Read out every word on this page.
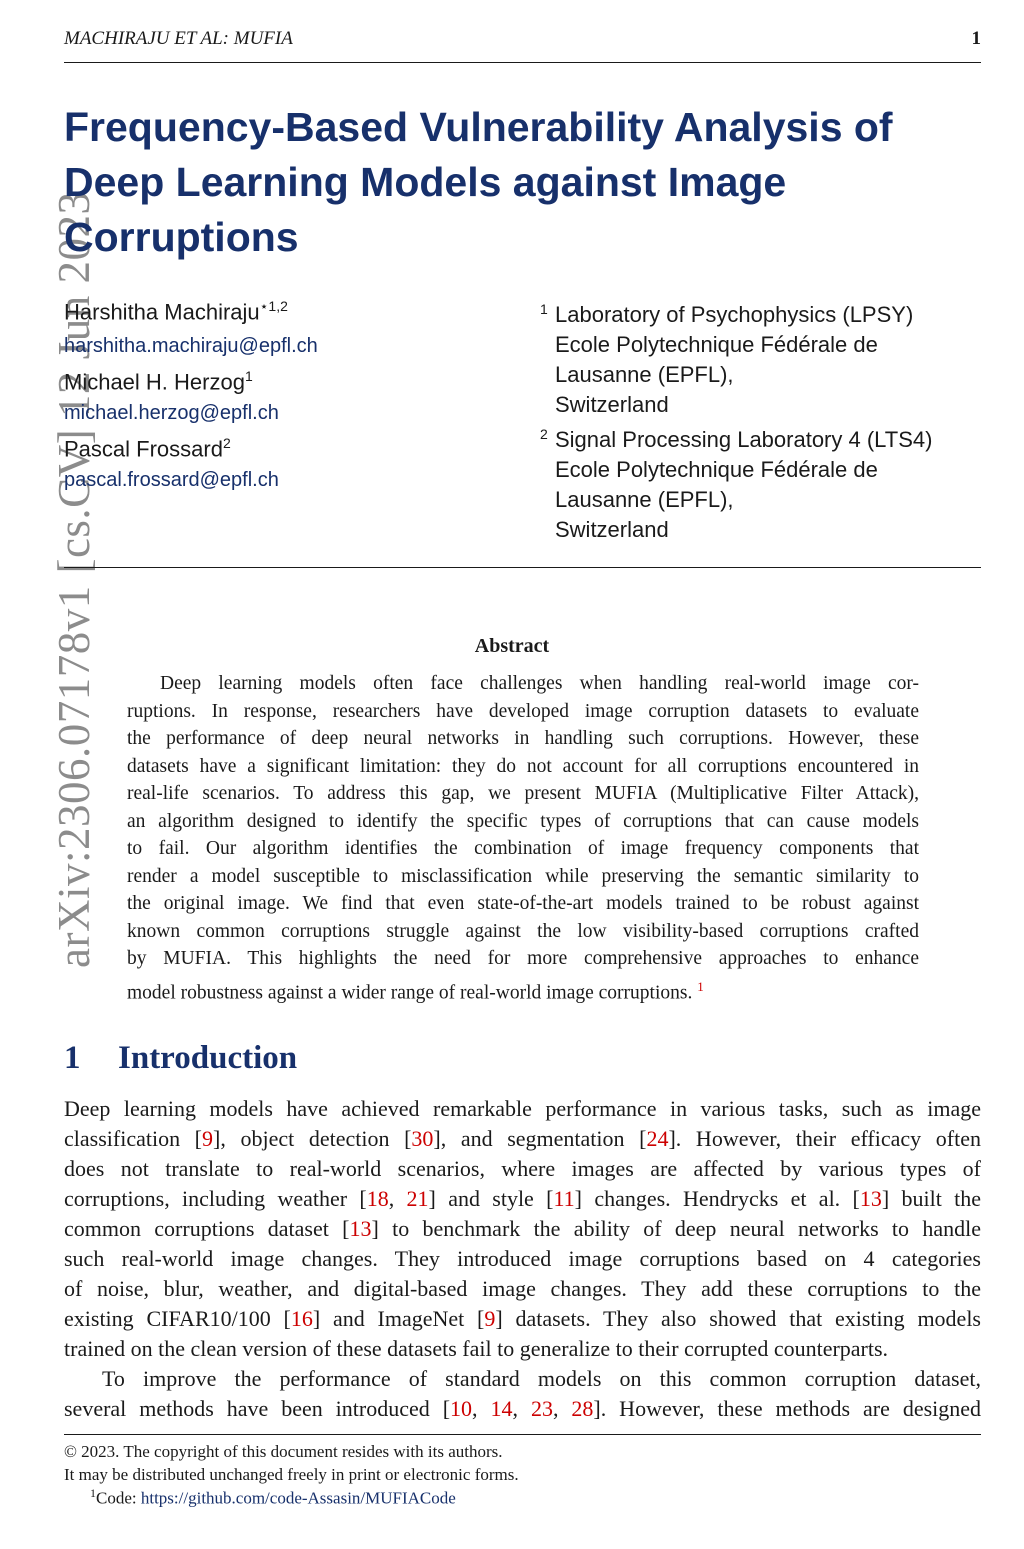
MACHIRAJU ET AL: MUFIA	1
arXiv:2306.07178v1 [cs.CV] 12 Jun 2023
Frequency-Based Vulnerability Analysis of
Deep Learning Models against Image
Corruptions
Harshitha Machiraju$^{⋆1,2}$
harshitha.machiraju@epfl.ch
Michael H. Herzog$^1$
michael.herzog@epfl.ch
Pascal Frossard$^2$
pascal.frossard@epfl.ch
1 Laboratory of Psychophysics (LPSY)
Ecole Polytechnique Fédérale de
Lausanne (EPFL),
Switzerland
2 Signal Processing Laboratory 4 (LTS4)
Ecole Polytechnique Fédérale de
Lausanne (EPFL),
Switzerland
Abstract
Deep learning models often face challenges when handling real-world image cor-
ruptions. In response, researchers have developed image corruption datasets to evaluate
the performance of deep neural networks in handling such corruptions. However, these
datasets have a significant limitation: they do not account for all corruptions encountered in
real-life scenarios. To address this gap, we present MUFIA (Multiplicative Filter Attack),
an algorithm designed to identify the specific types of corruptions that can cause models
to fail. Our algorithm identifies the combination of image frequency components that
render a model susceptible to misclassification while preserving the semantic similarity to
the original image. We find that even state-of-the-art models trained to be robust against
known common corruptions struggle against the low visibility-based corruptions crafted
by MUFIA. This highlights the need for more comprehensive approaches to enhance
model robustness against a wider range of real-world image corruptions. $^1$
1 Introduction
Deep learning models have achieved remarkable performance in various tasks, such as image
classification [9], object detection [30], and segmentation [24]. However, their efficacy often
does not translate to real-world scenarios, where images are affected by various types of
corruptions, including weather [18, 21] and style [11] changes. Hendrycks et al. [13] built the
common corruptions dataset [13] to benchmark the ability of deep neural networks to handle
such real-world image changes. They introduced image corruptions based on 4 categories
of noise, blur, weather, and digital-based image changes. They add these corruptions to the
existing CIFAR10/100 [16] and ImageNet [9] datasets. They also showed that existing models
trained on the clean version of these datasets fail to generalize to their corrupted counterparts.
To improve the performance of standard models on this common corruption dataset,
several methods have been introduced [10, 14, 23, 28]. However, these methods are designed
© 2023. The copyright of this document resides with its authors.
It may be distributed unchanged freely in print or electronic forms.
$^1$Code: https://github.com/code-Assasin/MUFIACode
